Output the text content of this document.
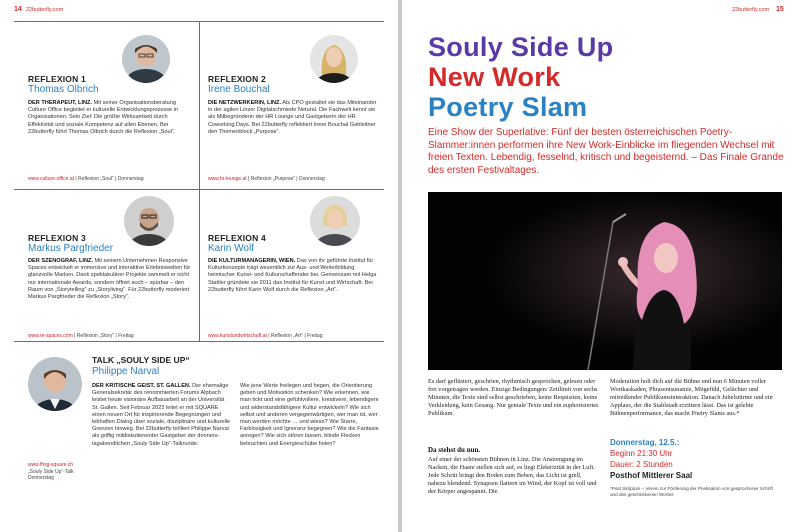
14 22butterfly.com
REFLEXION 1
Thomas Olbrich
DER THERAPEUT, LINZ. Mit seiner Organisationsberatung Culture Office begleitet er kulturelle Entwicklungsprozesse in Organisationen. Sein Ziel: Die größte Wirksamkeit durch Effektivität und soziale Kompetenz auf allen Ebenen. Bei 22butterfly führt Thomas Olbrich durch die Reflexion „Soul“.
www.culture-office.at | Reflexion „Soul“ | Donnerstag
REFLEXION 2
Irene Bouchal
DIE NETZWERKERIN, LINZ. Als CPO gestaltet sie das Miteinander in der agilen Linzer Digitalschmiede Netural. Die Fachwelt kennt sie als Mitbegründerin der HR Lounge und Gastgeberin der HR Coworking Days. Bei 22butterfly reflektiert Irene Bouchal Gahleitner den Themenblock „Purpose“.
www.hr-lounge.at | Reflexion „Purpose“ | Donnerstag
REFLEXION 3
Markus Pargfrieder
DER SZENOGRAF, LINZ. Mit seinem Unternehmen Responsive Spaces entwickelt er immersive und interaktive Erlebniswelten für glanzvolle Marken. Dank spektakulärer Projekte sammelt er nicht nur internationale Awards, sondern öffnet auch – spürbar – den Raum von „Storytelling“ zu „Storyliving“. Für 22butterfly moderiert Markus Pargfrieder die Reflexion „Story“.
www.re-spaces.com | Reflexion „Story“ | Freitag
REFLEXION 4
Karin Wolf
DIE KULTURMANAGERIN, WIEN. Das von ihr geführte Institut für Kulturkonzepte trägt wesentlich zur Aus- und Weiterbildung heimischer Kunst- und Kulturschaffender bei. Gemeinsam mit Helga Stattler gründete sie 2011 das Institut für Kunst und Wirtschaft. Bei 22butterfly führt Karin Wolf durch die Reflexion „Art“.
www.kunstundwirtschaft.at | Reflexion „Art“ | Freitag
TALK „SOULY SIDE UP“
Philippe Narval
DER KRITISCHE GEIST, ST. GALLEN. Der ehemalige Generalsekretär des renommierten Forums Alpbach leistet heute visionäre Aufbauarbeit an der Universität St. Gallen. Seit Februar 2022 leitet er mit SQUARE einen neuen Ort für inspirierende Begegnungen und lebhaften Dialog über soziale, disziplinäre und kulturelle Grenzen hinweg. Bei 22butterfly brilliert Philippe Narval als griffig mitdiskutierender Gastgeber der donnerstagabendlichen „Souly Side Up“-Talkrunde:
Wie jene Werte freilegen und hegen, die Orientierung geben und Motivation schenken? Wie erkennen, wie man tickt und eine gefühlvollere, kreativere, lebendigere und widerstandsfähigere Kultur entwickeln? Wie sich selbst und anderen vergegenwärtigen, wer man ist, wer man werden möchte … und wieso? Wie Starre, Farblosigkeit und Ignoranz begegnen? Wie die Fantasie anregen? Wie sich stören lassen, blinde Flecken beleuchten und Energieschübe holen?
www.fhsg-square.ch
„Souly Side Up“-Talk
Donnerstag
22butterfly.com 15
Souly Side Up
New Work
Poetry Slam
Eine Show der Superlative: Fünf der besten österreichischen Poetry-Slammer:innen performen ihre New Work-Einblicke im fliegenden Wechsel mit freien Texten. Lebendig, fesselnd, kritisch und begeisternd. – Das Finale Grande des ersten Festivaltages.
Es darf geflüstert, geschrien, rhythmisch gesprochen, gelesen oder frei vorgetragen werden. Einzige Bedingungen: Zeitlimit von sechs Minuten, die Texte sind selbst geschrieben, keine Requisiten, keine Verkleidung, kein Gesang. Nur geniale Texte und ein euphorisiertes Publikum.
Da stehst du nun.
Auf einer der schönsten Bühnen in Linz. Die Anstrengung im Nacken, die Haare stellen sich auf, es liegt Elektrizität in der Luft. Jede Schritt bringt den Boden zum Beben, das Licht ist grell, nahezu blendend. Synapsen flattern im Wind, der Kopf ist voll und der Körper angespannt. Die
Moderation holt dich auf die Bühne und nun 6 Minuten voller Wortkaskaden, Phrasentsunamis, Mitgefühl, Gelächter und mitreißender Publikumsinteraktion. Danach Jubelstürme und ein Applaus, der die Stahlstadt erzittern lässt. Das ist gelebte Bühnenperformance, das macht Poetry Slams aus.*
Donnerstag, 12.5.:
Beginn 21:30 Uhr
Dauer: 2 Stunden
Posthof Mittlerer Saal
*Post Skriptum – Verein zur Förderung der Poetisation von gesprochener Schrift und des geschriebenen Wortes
